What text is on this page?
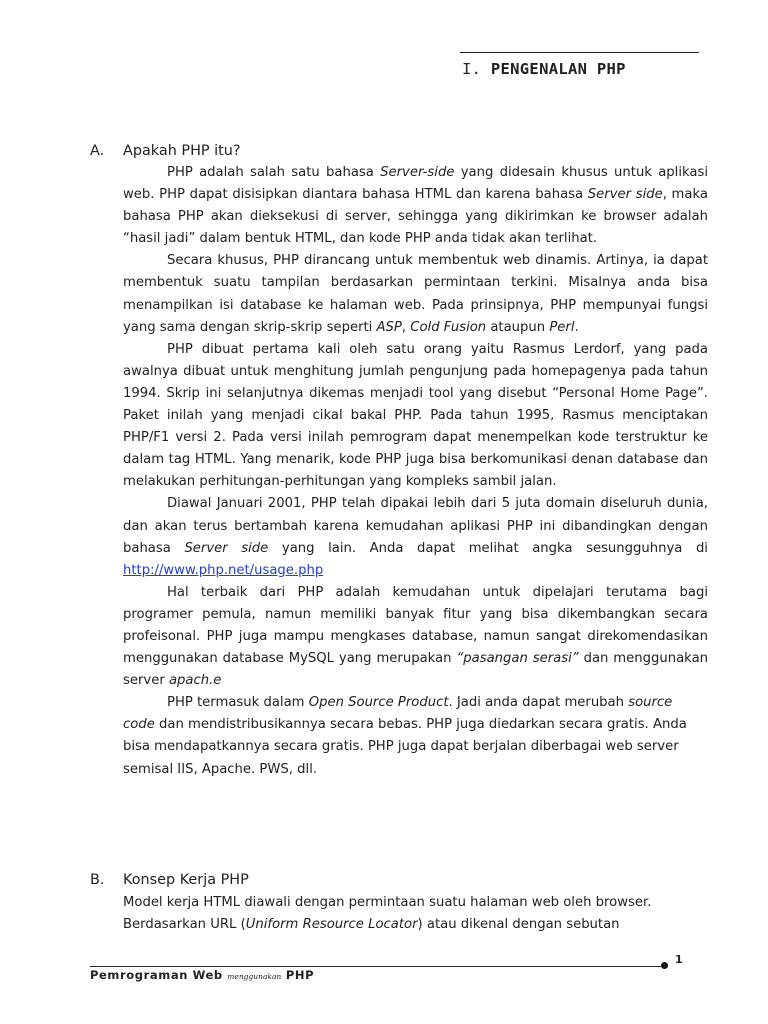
I. PENGENALAN PHP
A. Apakah PHP itu?

PHP adalah salah satu bahasa Server-side yang didesain khusus untuk aplikasi web. PHP dapat disisipkan diantara bahasa HTML dan karena bahasa Server side, maka bahasa PHP akan dieksekusi di server, sehingga yang dikirimkan ke browser adalah “hasil jadi” dalam bentuk HTML, dan kode PHP anda tidak akan terlihat.

Secara khusus, PHP dirancang untuk membentuk web dinamis. Artinya, ia dapat membentuk suatu tampilan berdasarkan permintaan terkini. Misalnya anda bisa menampilkan isi database ke halaman web. Pada prinsipnya, PHP mempunyai fungsi yang sama dengan skrip-skrip seperti ASP, Cold Fusion ataupun Perl.

PHP dibuat pertama kali oleh satu orang yaitu Rasmus Lerdorf, yang pada awalnya dibuat untuk menghitung jumlah pengunjung pada homepagenya pada tahun 1994. Skrip ini selanjutnya dikemas menjadi tool yang disebut “Personal Home Page”. Paket inilah yang menjadi cikal bakal PHP. Pada tahun 1995, Rasmus menciptakan PHP/F1 versi 2. Pada versi inilah pemrogram dapat menempelkan kode terstruktur ke dalam tag HTML. Yang menarik, kode PHP juga bisa berkomunikasi denan database dan melakukan perhitungan-perhitungan yang kompleks sambil jalan.

Diawal Januari 2001, PHP telah dipakai lebih dari 5 juta domain diseluruh dunia, dan akan terus bertambah karena kemudahan aplikasi PHP ini dibandingkan dengan bahasa Server side yang lain. Anda dapat melihat angka sesungguhnya di http://www.php.net/usage.php

Hal terbaik dari PHP adalah kemudahan untuk dipelajari terutama bagi programer pemula, namun memiliki banyak fitur yang bisa dikembangkan secara profeisonal. PHP juga mampu mengkases database, namun sangat direkomendasikan menggunakan database MySQL yang merupakan “pasangan serasi” dan menggunakan server apach.e

PHP termasuk dalam Open Source Product. Jadi anda dapat merubah source code dan mendistribusikannya secara bebas. PHP juga diedarkan secara gratis. Anda bisa mendapatkannya secara gratis. PHP juga dapat berjalan diberbagai web server semisal IIS, Apache. PWS, dll.

B. Konsep Kerja PHP

Model kerja HTML diawali dengan permintaan suatu halaman web oleh browser. Berdasarkan URL (Uniform Resource Locator) atau dikenal dengan sebutan

1
Pemrograman Web menggunakan PHP
